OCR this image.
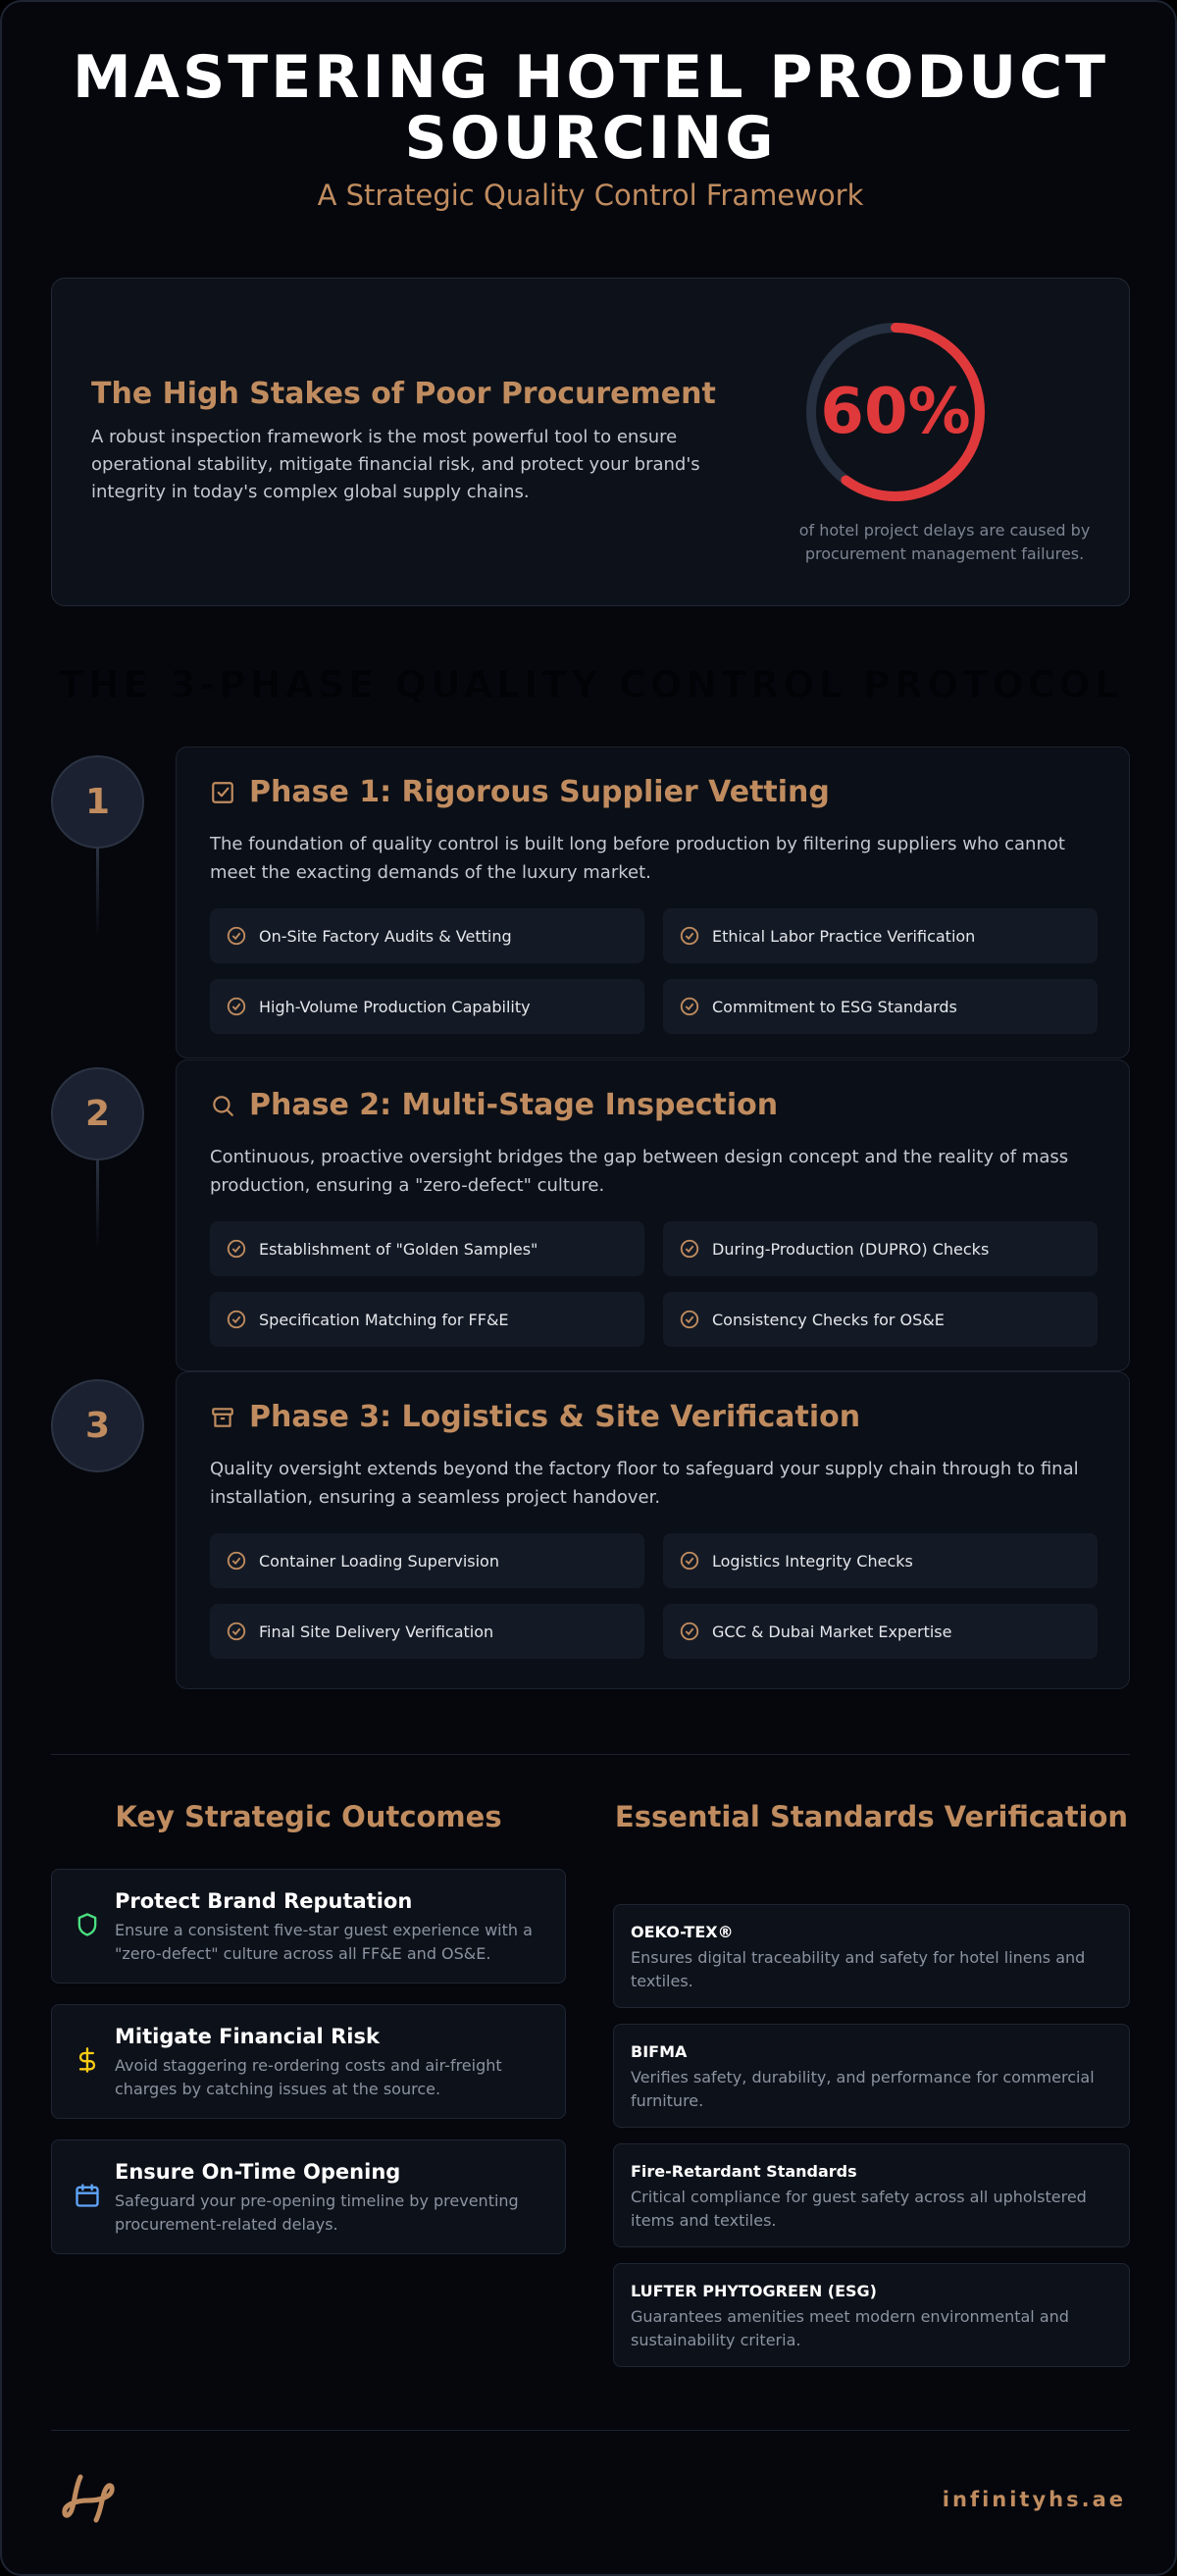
MASTERING HOTEL PRODUCT SOURCING
A Strategic Quality Control Framework
The High Stakes of Poor Procurement

A robust inspection framework is the most powerful tool to ensure operational stability, mitigate financial risk, and protect your brand's integrity in today's complex global supply chains.

60%
of hotel project delays are caused by procurement management failures.
THE 3-PHASE QUALITY CONTROL PROTOCOL
1	Phase 1: Rigorous Supplier Vetting
The foundation of quality control is built long before production by filtering suppliers who cannot meet the exacting demands of the luxury market.
On-Site Factory Audits & Vetting	Ethical Labor Practice Verification
High-Volume Production Capability	Commitment to ESG Standards
2	Phase 2: Multi-Stage Inspection
Continuous, proactive oversight bridges the gap between design concept and the reality of mass production, ensuring a "zero-defect" culture.
Establishment of "Golden Samples"	During-Production (DUPRO) Checks
Specification Matching for FF&E	Consistency Checks for OS&E
3	Phase 3: Logistics & Site Verification
Quality oversight extends beyond the factory floor to safeguard your supply chain through to final installation, ensuring a seamless project handover.
Container Loading Supervision	Logistics Integrity Checks
Final Site Delivery Verification	GCC & Dubai Market Expertise
Key Strategic Outcomes
Protect Brand Reputation
Ensure a consistent five-star guest experience with a "zero-defect" culture across all FF&E and OS&E.
Mitigate Financial Risk
Avoid staggering re-ordering costs and air-freight charges by catching issues at the source.
Ensure On-Time Opening
Safeguard your pre-opening timeline by preventing procurement-related delays.
Essential Standards Verification
OEKO-TEX®
Ensures digital traceability and safety for hotel linens and textiles.
BIFMA
Verifies safety, durability, and performance for commercial furniture.
Fire-Retardant Standards
Critical compliance for guest safety across all upholstered items and textiles.
LUFTER PHYTOGREEN (ESG)
Guarantees amenities meet modern environmental and sustainability criteria.
infinityhs.ae
